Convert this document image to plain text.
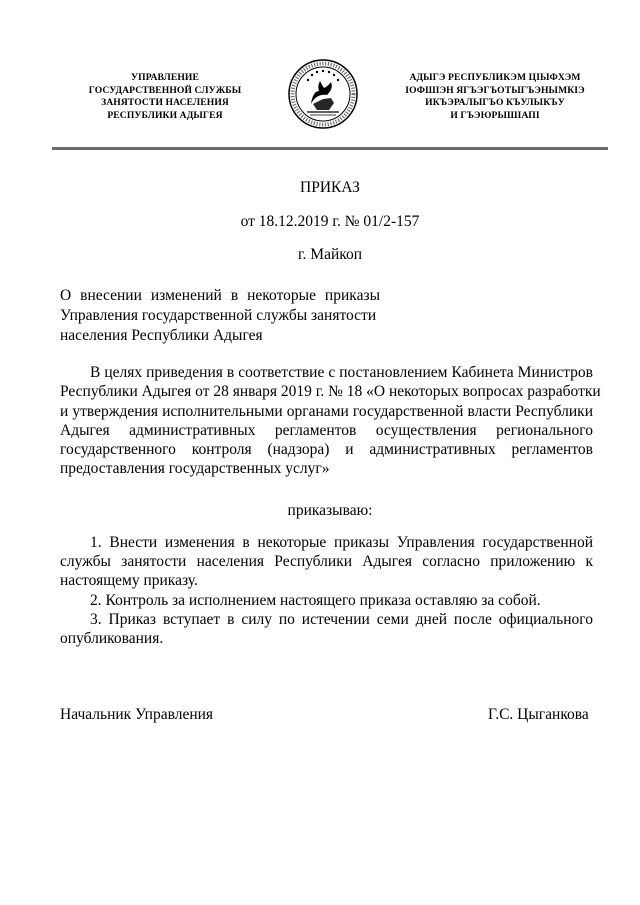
УПРАВЛЕНИЕ
ГОСУДАРСТВЕННОЙ СЛУЖБЫ
ЗАНЯТОСТИ НАСЕЛЕНИЯ
РЕСПУБЛИКИ АДЫГЕЯ
АДЫГЭ РЕСПУБЛИКЭМ ЦIЫФХЭМ
IОФШIЭН ЯГЪЭГЪОТЫГЪЭНЫМКIЭ
ИКЪЭРАЛЫГЪО КЪУЛЫКЪУ
И ГЪЭЮРЫШIАПI
ПРИКАЗ
от 18.12.2019 г. № 01/2-157
г. Майкоп
О внесении изменений в некоторые приказы
Управления государственной службы занятости
населения Республики Адыгея
В целях приведения в соответствие с постановлением Кабинета Министров
Республики Адыгея от 28 января 2019 г. № 18 «О некоторых вопросах разработки
и утверждения исполнительными органами государственной власти Республики
Адыгея административных регламентов осуществления регионального
государственного контроля (надзора) и административных регламентов
предоставления государственных услуг»
приказываю:
1. Внести изменения в некоторые приказы Управления государственной
службы занятости населения Республики Адыгея согласно приложению к
настоящему приказу.
2. Контроль за исполнением настоящего приказа оставляю за собой.
3. Приказ вступает в силу по истечении семи дней после официального
опубликования.
Начальник Управления	Г.С. Цыганкова
